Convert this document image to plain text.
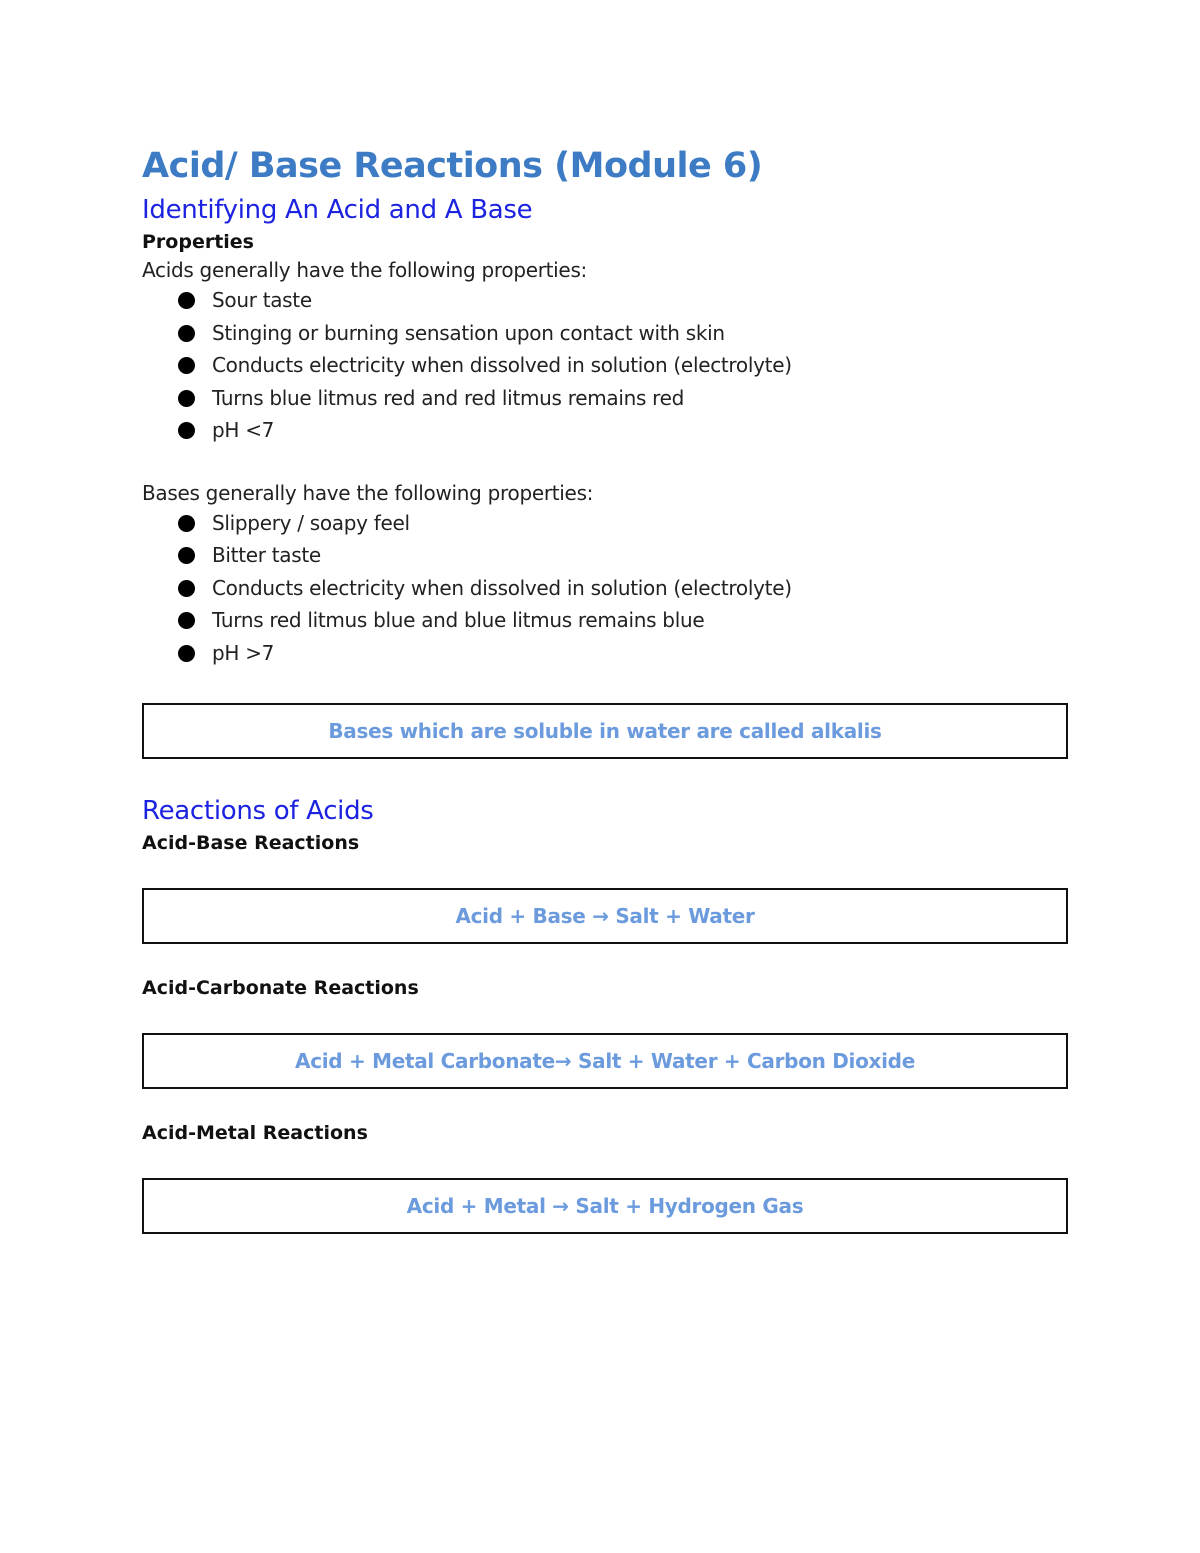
Acid/ Base Reactions (Module 6)
Identifying An Acid and A Base
Properties

Acids generally have the following properties:

Sour taste
Stinging or burning sensation upon contact with skin
Conducts electricity when dissolved in solution (electrolyte)
Turns blue litmus red and red litmus remains red
pH <7

Bases generally have the following properties:

Slippery / soapy feel
Bitter taste
Conducts electricity when dissolved in solution (electrolyte)
Turns red litmus blue and blue litmus remains blue
pH >7
Bases which are soluble in water are called alkalis
Reactions of Acids
Acid-Base Reactions
Acid + Base → Salt + Water
Acid-Carbonate Reactions
Acid + Metal Carbonate→ Salt + Water + Carbon Dioxide
Acid-Metal Reactions
Acid + Metal → Salt + Hydrogen Gas
